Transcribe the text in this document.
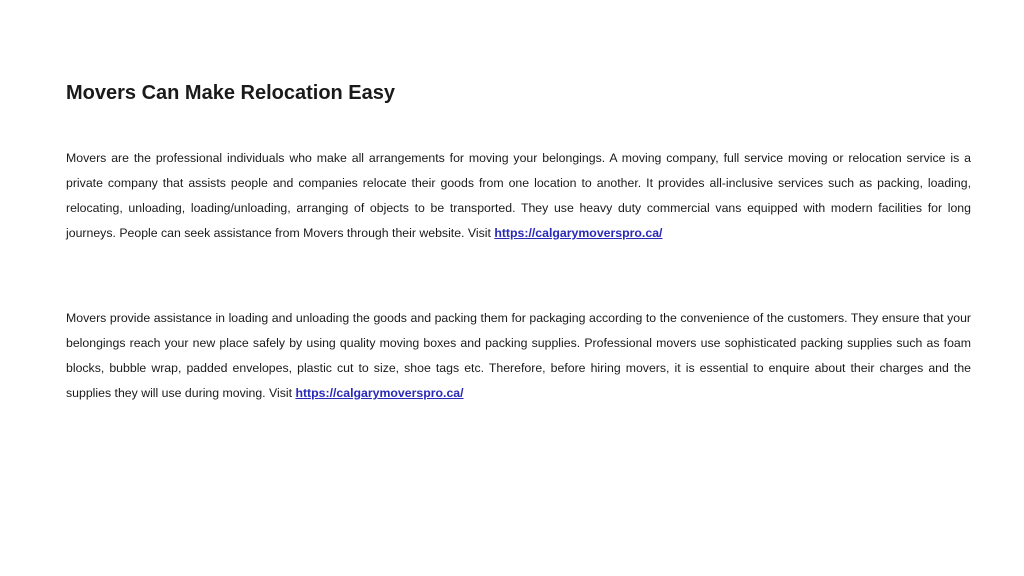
Movers Can Make Relocation Easy

Movers are the professional individuals who make all arrangements for moving your belongings. A moving company, full service moving or relocation service is a private company that assists people and companies relocate their goods from one location to another. It provides all-inclusive services such as packing, loading, relocating, unloading, loading/unloading, arranging of objects to be transported. They use heavy duty commercial vans equipped with modern facilities for long journeys. People can seek assistance from Movers through their website. Visit https://calgarymoverspro.ca/

Movers provide assistance in loading and unloading the goods and packing them for packaging according to the convenience of the customers. They ensure that your belongings reach your new place safely by using quality moving boxes and packing supplies. Professional movers use sophisticated packing supplies such as foam blocks, bubble wrap, padded envelopes, plastic cut to size, shoe tags etc. Therefore, before hiring movers, it is essential to enquire about their charges and the supplies they will use during moving. Visit https://calgarymoverspro.ca/
